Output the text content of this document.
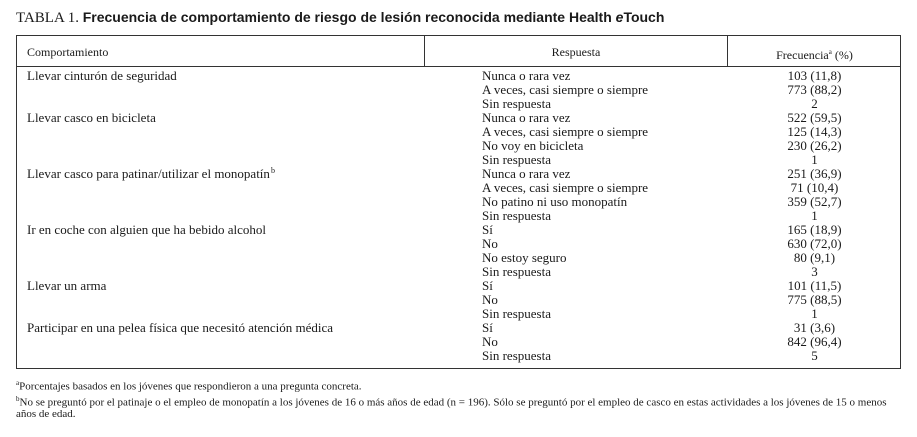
TABLA 1. Frecuencia de comportamiento de riesgo de lesión reconocida mediante Health eTouch
Comportamiento	Respuesta	Frecuencia$^a$ (%)
Llevar cinturón de seguridad	Nunca o rara vez	103 (11,8)
A veces, casi siempre o siempre	773 (88,2)
Sin respuesta	2
Llevar casco en bicicleta	Nunca o rara vez	522 (59,5)
A veces, casi siempre o siempre	125 (14,3)
No voy en bicicleta	230 (26,2)
Sin respuesta	1
Llevar casco para patinar/utilizar el monopatín b	Nunca o rara vez	251 (36,9)
A veces, casi siempre o siempre	71 (10,4)
No patino ni uso monopatín	359 (52,7)
Sin respuesta	1
Ir en coche con alguien que ha bebido alcohol	Sí	165 (18,9)
No	630 (72,0)
No estoy seguro	80 (9,1)
Sin respuesta	3
Llevar un arma	Sí	101 (11,5)
No	775 (88,5)
Sin respuesta	1
Participar en una pelea física que necesitó atención médica	Sí	31 (3,6)
No	842 (96,4)
Sin respuesta	5
$^a$Porcentajes basados en los jóvenes que respondieron a una pregunta concreta.
$^b$No se preguntó por el patinaje o el empleo de monopatín a los jóvenes de 16 o más años de edad (n = 196). Sólo se preguntó por el empleo de casco en estas actividades a los jóvenes de 15 o menos años de edad.
